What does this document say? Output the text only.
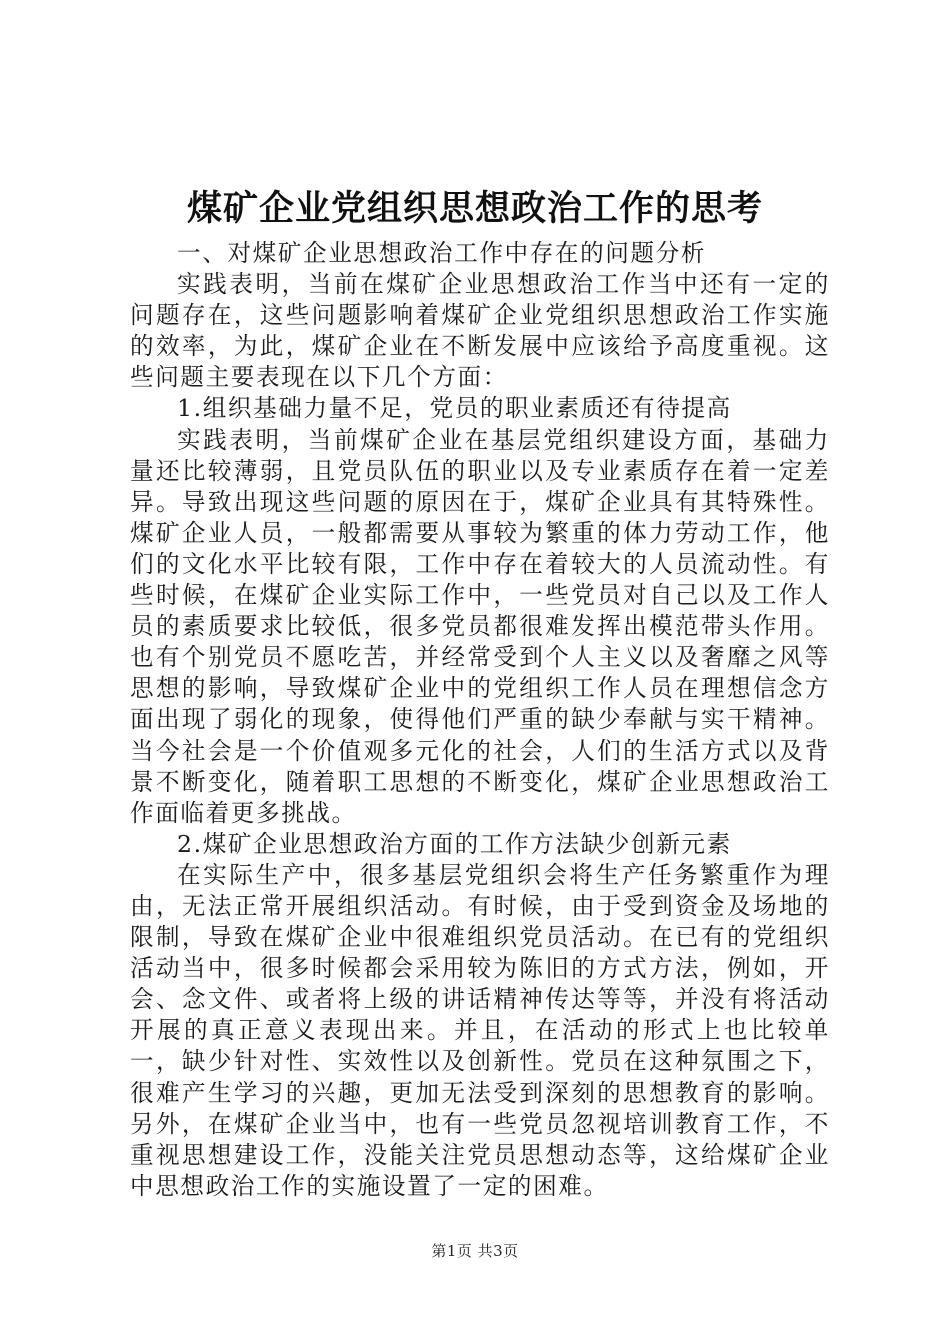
煤矿企业党组织思想政治工作的思考

一、对煤矿企业思想政治工作中存在的问题分析

实践表明，当前在煤矿企业思想政治工作当中还有一定的问题存在，这些问题影响着煤矿企业党组织思想政治工作实施的效率，为此，煤矿企业在不断发展中应该给予高度重视。这些问题主要表现在以下几个方面：

1.组织基础力量不足，党员的职业素质还有待提高

实践表明，当前煤矿企业在基层党组织建设方面，基础力量还比较薄弱，且党员队伍的职业以及专业素质存在着一定差异。导致出现这些问题的原因在于，煤矿企业具有其特殊性。煤矿企业人员，一般都需要从事较为繁重的体力劳动工作，他们的文化水平比较有限，工作中存在着较大的人员流动性。有些时候，在煤矿企业实际工作中，一些党员对自己以及工作人员的素质要求比较低，很多党员都很难发挥出模范带头作用。也有个别党员不愿吃苦，并经常受到个人主义以及奢靡之风等思想的影响，导致煤矿企业中的党组织工作人员在理想信念方面出现了弱化的现象，使得他们严重的缺少奉献与实干精神。当今社会是一个价值观多元化的社会，人们的生活方式以及背景不断变化，随着职工思想的不断变化，煤矿企业思想政治工作面临着更多挑战。

2.煤矿企业思想政治方面的工作方法缺少创新元素

在实际生产中，很多基层党组织会将生产任务繁重作为理由，无法正常开展组织活动。有时候，由于受到资金及场地的限制，导致在煤矿企业中很难组织党员活动。在已有的党组织活动当中，很多时候都会采用较为陈旧的方式方法，例如，开会、念文件、或者将上级的讲话精神传达等等，并没有将活动开展的真正意义表现出来。并且，在活动的形式上也比较单一，缺少针对性、实效性以及创新性。党员在这种氛围之下，很难产生学习的兴趣，更加无法受到深刻的思想教育的影响。另外，在煤矿企业当中，也有一些党员忽视培训教育工作，不重视思想建设工作，没能关注党员思想动态等，这给煤矿企业中思想政治工作的实施设置了一定的困难。

第1页 共3页
